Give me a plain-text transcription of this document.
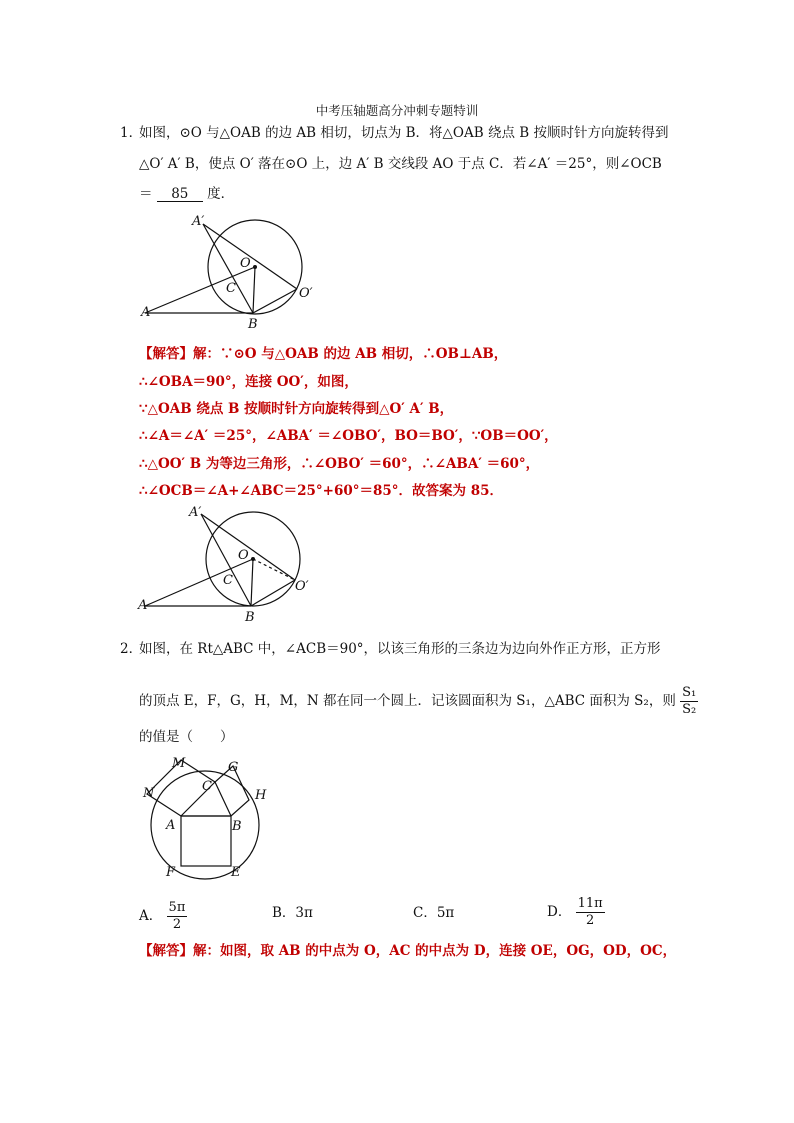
中考压轴题高分冲刺专题特训
1．
如图，⊙O 与△OAB 的边 AB 相切，切点为 B．将△OAB 绕点 B 按顺时针方向旋转得到
△O′ A′ B，使点 O′ 落在⊙O 上，边 A′ B 交线段 AO 于点 C．若∠A′ ＝25°，则∠OCB
＝ 85 度．
A′
O
C	O′
A
B
【解答】解：∵⊙O 与△OAB 的边 AB 相切，∴OB⊥AB，
∴∠OBA＝90°，连接 OO′，如图，
∵△OAB 绕点 B 按顺时针方向旋转得到△O′ A′ B，
∴∠A＝∠A′ ＝25°，∠ABA′ ＝∠OBO′，BO＝BO′，∵OB＝OO′，
∴△OO′ B 为等边三角形，∴∠OBO′ ＝60°，∴∠ABA′ ＝60°，
∴∠OCB＝∠A+∠ABC＝25°+60°＝85°．故答案为 85．
A′
O
C	O′
A
B
2．
如图，在 Rt△ABC 中，∠ACB＝90°，以该三角形的三条边为边向外作正方形，正方形
的顶点 E，F，G，H，M，N 都在同一个圆上．记该圆面积为 S₁，△ABC 面积为 S₂，则 $\frac{\text{S₁}}{\text{S₂}}$
的值是（　　）
M	G
C
N	H
A	B
F	E
A． $\frac{5\pi}{2}$	B．3π	C．5π	D． $\frac{11\pi}{2}$
【解答】解：如图，取 AB 的中点为 O，AC 的中点为 D，连接 OE，OG，OD，OC，
